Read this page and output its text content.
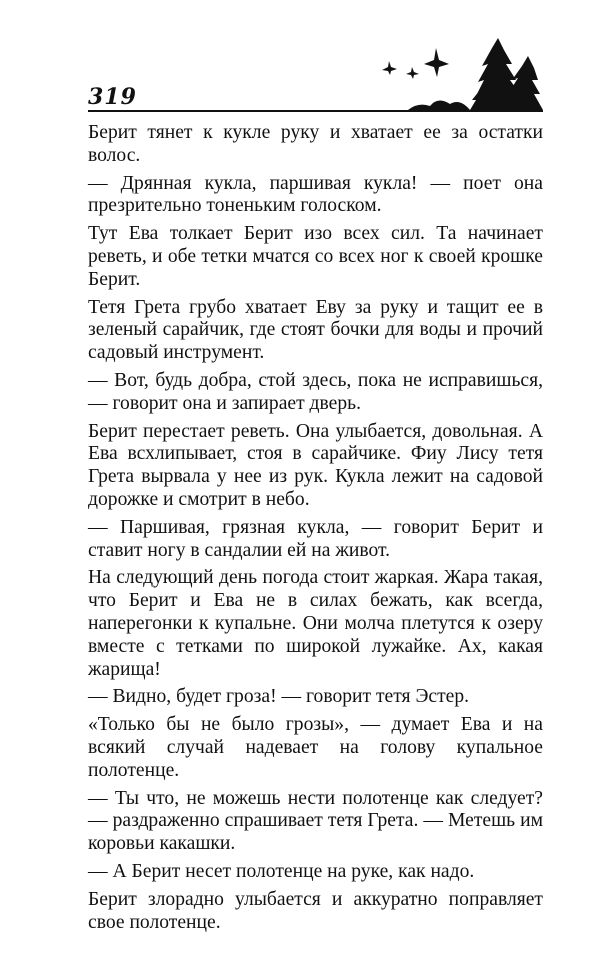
319

Берит тянет к кукле руку и хватает ее за остатки волос.

— Дрянная кукла, паршивая кукла! — поет она презрительно тоненьким голоском.

Тут Ева толкает Берит изо всех сил. Та начинает реветь, и обе тетки мчатся со всех ног к своей крошке Берит.

Тетя Грета грубо хватает Еву за руку и тащит ее в зеленый сарайчик, где стоят бочки для воды и прочий садовый инструмент.

— Вот, будь добра, стой здесь, пока не исправишься, — говорит она и запирает дверь.

Берит перестает реветь. Она улыбается, довольная. А Ева всхлипывает, стоя в сарайчике. Фиу Лису тетя Грета вырвала у нее из рук. Кукла лежит на садовой дорожке и смотрит в небо.

— Паршивая, грязная кукла, — говорит Берит и ставит ногу в сандалии ей на живот.

На следующий день погода стоит жаркая. Жара такая, что Берит и Ева не в силах бежать, как всегда, наперегонки к купальне. Они молча плетутся к озеру вместе с тетками по широкой лужайке. Ах, какая жарища!

— Видно, будет гроза! — говорит тетя Эстер.

«Только бы не было грозы», — думает Ева и на всякий случай надевает на голову купальное полотенце.

— Ты что, не можешь нести полотенце как следует? — раздраженно спрашивает тетя Грета. — Метешь им коровьи какашки.

— А Берит несет полотенце на руке, как надо.

Берит злорадно улыбается и аккуратно поправляет свое полотенце.
